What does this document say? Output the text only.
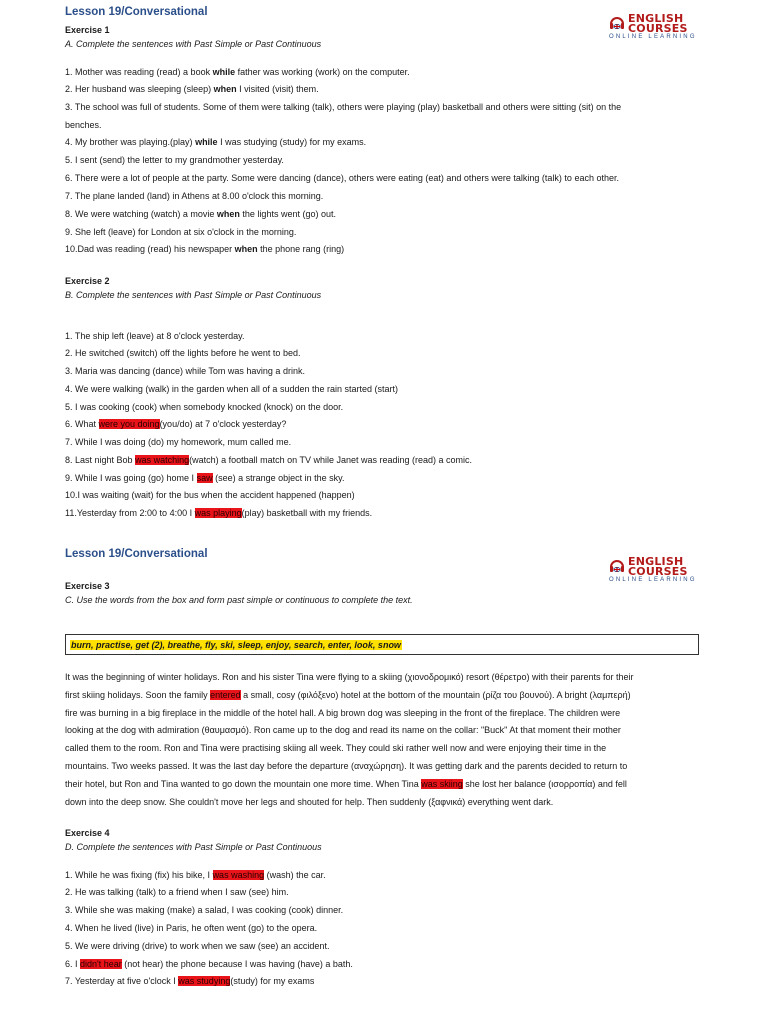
Lesson 19/Conversational	ENGLISH
COURSES
ONLINE LEARNING
Exercise 1
A. Complete the sentences with Past Simple or Past Continuous
1. Mother was reading (read) a book while father was working (work) on the computer.
2. Her husband was sleeping (sleep) when I visited (visit) them.
3. The school was full of students. Some of them were talking (talk), others were playing (play) basketball and others were sitting (sit) on the
benches.
4. My brother was playing.(play) while I was studying (study) for my exams.
5. I sent (send) the letter to my grandmother yesterday.
6. There were a lot of people at the party. Some were dancing (dance), others were eating (eat) and others were talking (talk) to each other.
7. The plane landed (land) in Athens at 8.00 o'clock this morning.
8. We were watching (watch) a movie when the lights went (go) out.
9. She left (leave) for London at six o'clock in the morning.
10.Dad was reading (read) his newspaper when the phone rang (ring)
Exercise 2
B. Complete the sentences with Past Simple or Past Continuous
1. The ship left (leave) at 8 o'clock yesterday.
2. He switched (switch) off the lights before he went to bed.
3. Maria was dancing (dance) while Tom was having a drink.
4. We were walking (walk) in the garden when all of a sudden the rain started (start)
5. I was cooking (cook) when somebody knocked (knock) on the door.
6. What were you doing(you/do) at 7 o'clock yesterday?
7. While I was doing (do) my homework, mum called me.
8. Last night Bob was watching(watch) a football match on TV while Janet was reading (read) a comic.
9. While I was going (go) home I saw (see) a strange object in the sky.
10.I was waiting (wait) for the bus when the accident happened (happen)
11.Yesterday from 2:00 to 4:00 I was playing(play) basketball with my friends.
Lesson 19/Conversational
ENGLISH
COURSES
ONLINE LEARNING
Exercise 3
C. Use the words from the box and form past simple or continuous to complete the text.
burn, practise, get (2), breathe, fly, ski, sleep, enjoy, search, enter, look, snow
It was the beginning of winter holidays. Ron and his sister Tina were flying to a skiing (χιονοδρομικό) resort (θέρετρο) with their parents for their
first skiing holidays. Soon the family entered a small, cosy (φιλόξενο) hotel at the bottom of the mountain (ρίζα του βουνού). A bright (λαμπερή)
fire was burning in a big fireplace in the middle of the hotel hall. A big brown dog was sleeping in the front of the fireplace. The children were
looking at the dog with admiration (θαυμασμό). Ron came up to the dog and read its name on the collar: "Buck" At that moment their mother
called them to the room. Ron and Tina were practising skiing all week. They could ski rather well now and were enjoying their time in the
mountains. Two weeks passed. It was the last day before the departure (αναχώρηση). It was getting dark and the parents decided to return to
their hotel, but Ron and Tina wanted to go down the mountain one more time. When Tina was skiing she lost her balance (ισορροπία) and fell
down into the deep snow. She couldn't move her legs and shouted for help. Then suddenly (ξαφνικά) everything went dark.
Exercise 4
D. Complete the sentences with Past Simple or Past Continuous
1. While he was fixing (fix) his bike, I was washing (wash) the car.
2. He was talking (talk) to a friend when I saw (see) him.
3. While she was making (make) a salad, I was cooking (cook) dinner.
4. When he lived (live) in Paris, he often went (go) to the opera.
5. We were driving (drive) to work when we saw (see) an accident.
6. I didn't hear (not hear) the phone because I was having (have) a bath.
7. Yesterday at five o'clock I was studying(study) for my exams
